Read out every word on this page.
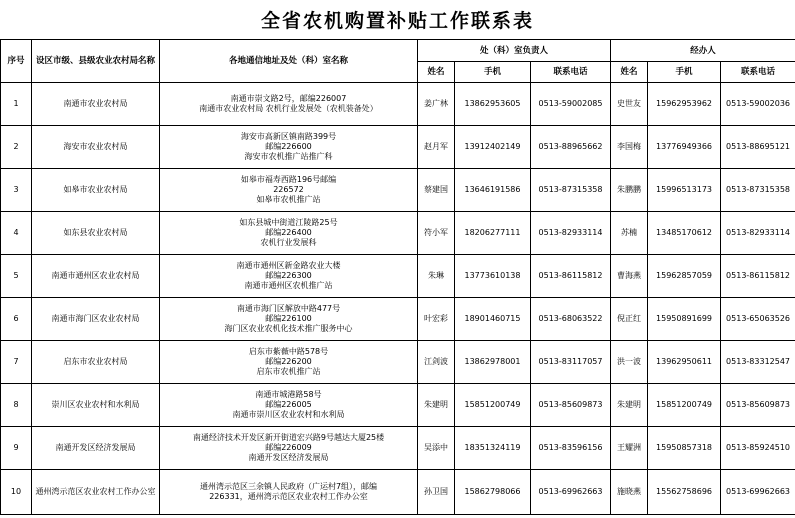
全省农机购置补贴工作联系表
序号	设区市级、县级农业农村局名称	各地通信地址及处（科）室名称	处（科）室负责人			经办人		
			姓名	手机	联系电话	姓名	手机	联系电话
1	南通市农业农村局	南通市崇文路2号，邮编226007
南通市农业农村局 农机行业发展处（农机装备处）	姜广林	13862953605	0513-59002085	史世友	15962953962	0513-59002036
2	海安市农业农村局	海安市高新区镇南路399号
邮编226600
海安市农机推广站推广科	赵月军	13912402149	0513-88965662	李国梅	13776949366	0513-88695121
3	如皋市农业农村局	如皋市福寿西路196号邮编
226572
如皋市农机推广站	蔡建国	13646191586	0513-87315358	朱鹏鹏	15996513173	0513-87315358
4	如东县农业农村局	如东县城中街道江陵路25号
邮编226400
农机行业发展科	符小军	18206277111	0513-82933114	苏楠	13485170612	0513-82933114
5	南通市通州区农业农村局	南通市通州区新金路农业大楼
邮编226300
南通市通州区农机推广站	朱琳	13773610138	0513-86115812	曹海燕	15962857059	0513-86115812
6	南通市海门区农业农村局	南通市海门区解放中路477号
邮编226100
海门区农业农机化技术推广服务中心	叶宏彩	18901460715	0513-68063522	倪正红	15950891699	0513-65063526
7	启东市农业农村局	启东市紫薇中路578号
邮编226200
启东市农机推广站	江剑波	13862978001	0513-83117057	洪一波	13962950611	0513-83312547
8	崇川区农业农村和水利局	南通市城港路58号
邮编226005
南通市崇川区农业农村和水利局	朱建明	15851200749	0513-85609873	朱建明	15851200749	0513-85609873
9	南通开发区经济发展局	南通经济技术开发区新开街道宏兴路9号越达大厦25楼
邮编226009
南通开发区经济发展局	吴添中	18351324119	0513-83596156	王耀洲	15950857318	0513-85924510
10	通州湾示范区农业农村工作办公室	通州湾示范区三余镇人民政府（广运村7组），邮编
226331，通州湾示范区农业农村工作办公室	孙卫国	15862798066	0513-69962663	施晓燕	15562758696	0513-69962663
